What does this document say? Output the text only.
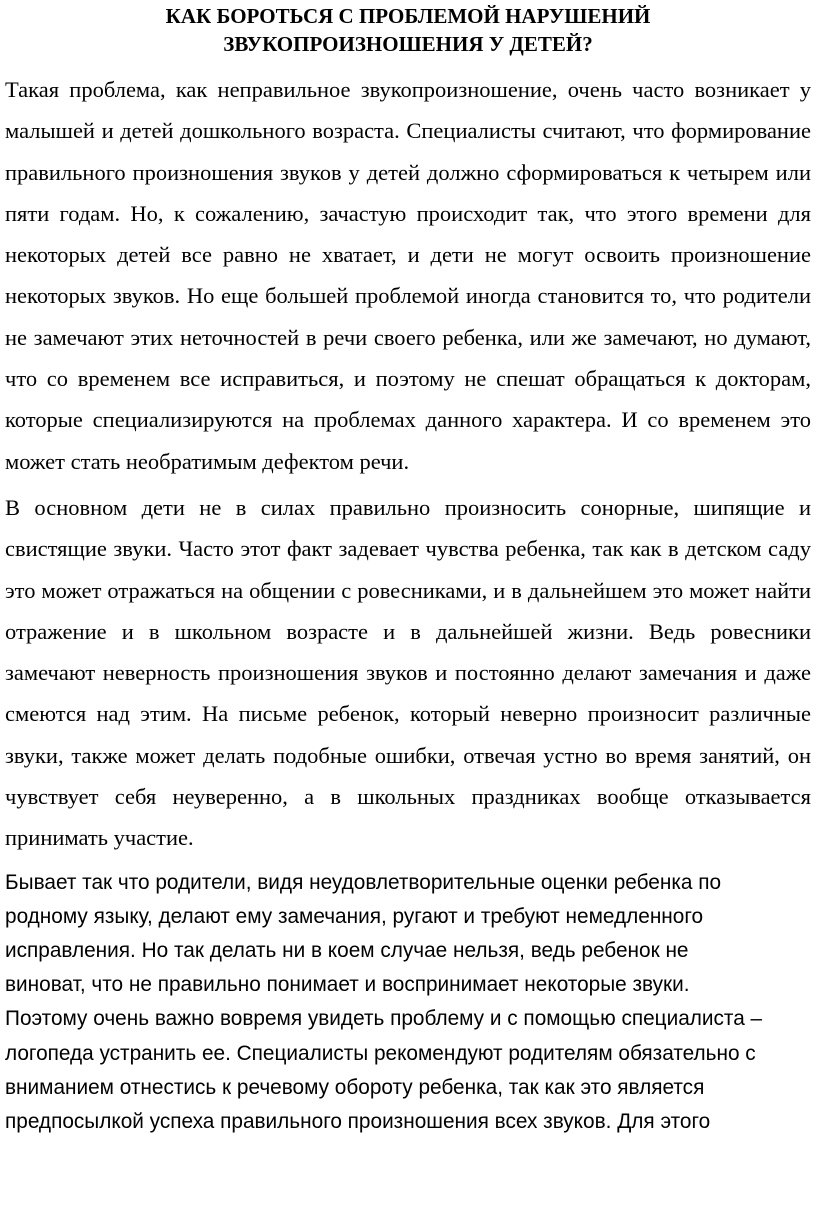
КАК БОРОТЬСЯ С ПРОБЛЕМОЙ НАРУШЕНИЙ
ЗВУКОПРОИЗНОШЕНИЯ У ДЕТЕЙ?

Такая проблема, как неправильное звукопроизношение, очень часто возникает у малышей и детей дошкольного возраста. Специалисты считают, что формирование правильного произношения звуков у детей должно сформироваться к четырем или пяти годам. Но, к сожалению, зачастую происходит так, что этого времени для некоторых детей все равно не хватает, и дети не могут освоить произношение некоторых звуков. Но еще большей проблемой иногда становится то, что родители не замечают этих неточностей в речи своего ребенка, или же замечают, но думают, что со временем все исправиться, и поэтому не спешат обращаться к докторам, которые специализируются на проблемах данного характера. И со временем это может стать необратимым дефектом речи.

В основном дети не в силах правильно произносить сонорные, шипящие и свистящие звуки. Часто этот факт задевает чувства ребенка, так как в детском саду это может отражаться на общении с ровесниками, и в дальнейшем это может найти отражение и в школьном возрасте и в дальнейшей жизни. Ведь ровесники замечают неверность произношения звуков и постоянно делают замечания и даже смеются над этим. На письме ребенок, который неверно произносит различные звуки, также может делать подобные ошибки, отвечая устно во время занятий, он чувствует себя неуверенно, а в школьных праздниках вообще отказывается принимать участие.

Бывает так что родители, видя неудовлетворительные оценки ребенка по
родному языку, делают ему замечания, ругают и требуют немедленного
исправления. Но так делать ни в коем случае нельзя, ведь ребенок не
виноват, что не правильно понимает и воспринимает некоторые звуки.
Поэтому очень важно вовремя увидеть проблему и с помощью специалиста –
логопеда устранить ее. Специалисты рекомендуют родителям обязательно с
вниманием отнестись к речевому обороту ребенка, так как это является
предпосылкой успеха правильного произношения всех звуков. Для этого
